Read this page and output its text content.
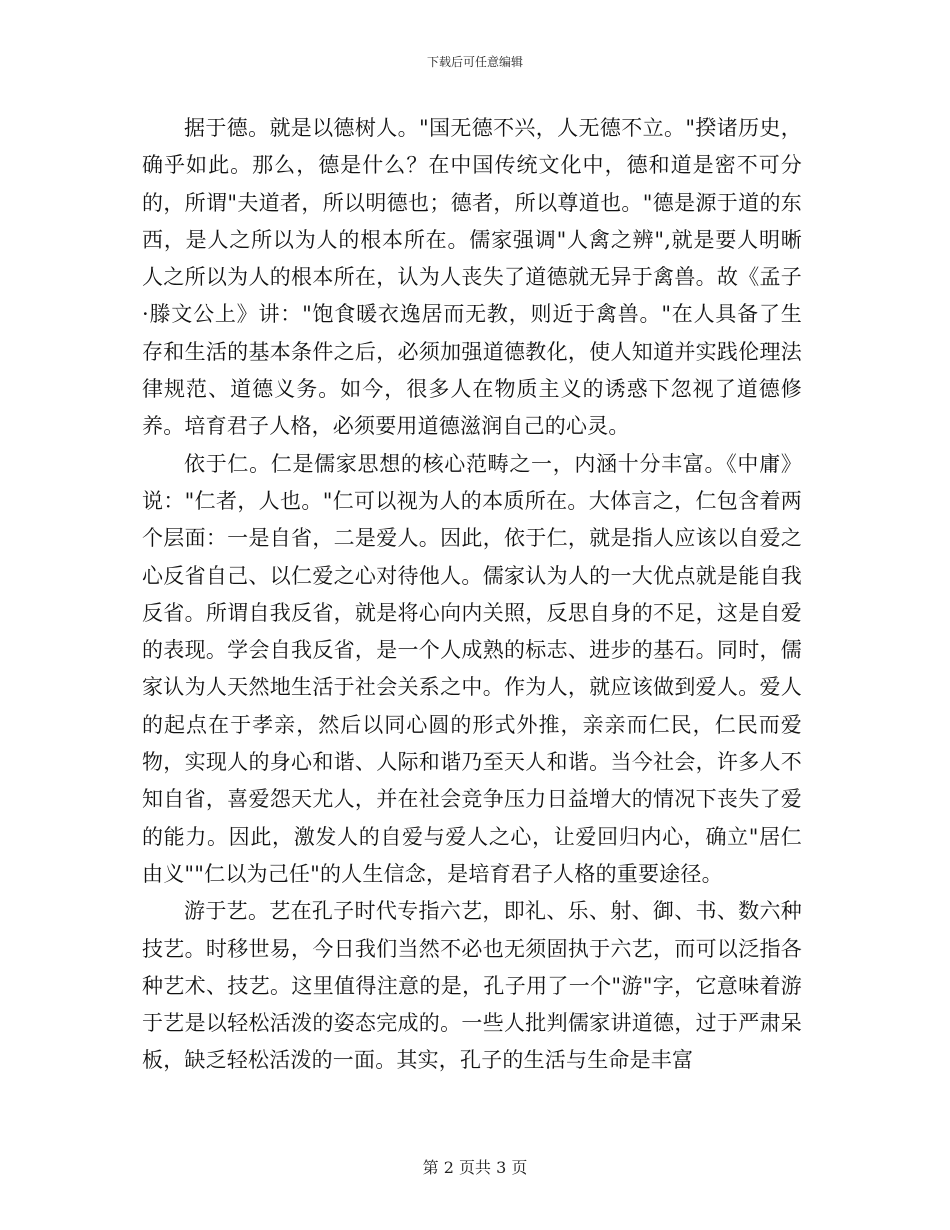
下载后可任意编辑

据于德。就是以德树人。"国无德不兴，人无德不立。"揆诸历史，确乎如此。那么，德是什么？在中国传统文化中，德和道是密不可分的，所谓"夫道者，所以明德也；德者，所以尊道也。"德是源于道的东西，是人之所以为人的根本所在。儒家强调"人禽之辨",就是要人明晰人之所以为人的根本所在，认为人丧失了道德就无异于禽兽。故《孟子·滕文公上》讲："饱食暖衣逸居而无教，则近于禽兽。"在人具备了生存和生活的基本条件之后，必须加强道德教化，使人知道并实践伦理法律规范、道德义务。如今，很多人在物质主义的诱惑下忽视了道德修养。培育君子人格，必须要用道德滋润自己的心灵。

依于仁。仁是儒家思想的核心范畴之一，内涵十分丰富。《中庸》说："仁者，人也。"仁可以视为人的本质所在。大体言之，仁包含着两个层面：一是自省，二是爱人。因此，依于仁，就是指人应该以自爱之心反省自己、以仁爱之心对待他人。儒家认为人的一大优点就是能自我反省。所谓自我反省，就是将心向内关照，反思自身的不足，这是自爱的表现。学会自我反省，是一个人成熟的标志、进步的基石。同时，儒家认为人天然地生活于社会关系之中。作为人，就应该做到爱人。爱人的起点在于孝亲，然后以同心圆的形式外推，亲亲而仁民，仁民而爱物，实现人的身心和谐、人际和谐乃至天人和谐。当今社会，许多人不知自省，喜爱怨天尤人，并在社会竞争压力日益增大的情况下丧失了爱的能力。因此，激发人的自爱与爱人之心，让爱回归内心，确立"居仁由义""仁以为己任"的人生信念，是培育君子人格的重要途径。

游于艺。艺在孔子时代专指六艺，即礼、乐、射、御、书、数六种技艺。时移世易，今日我们当然不必也无须固执于六艺，而可以泛指各种艺术、技艺。这里值得注意的是，孔子用了一个"游"字，它意味着游于艺是以轻松活泼的姿态完成的。一些人批判儒家讲道德，过于严肃呆板，缺乏轻松活泼的一面。其实，孔子的生活与生命是丰富

第 2 页共 3 页
